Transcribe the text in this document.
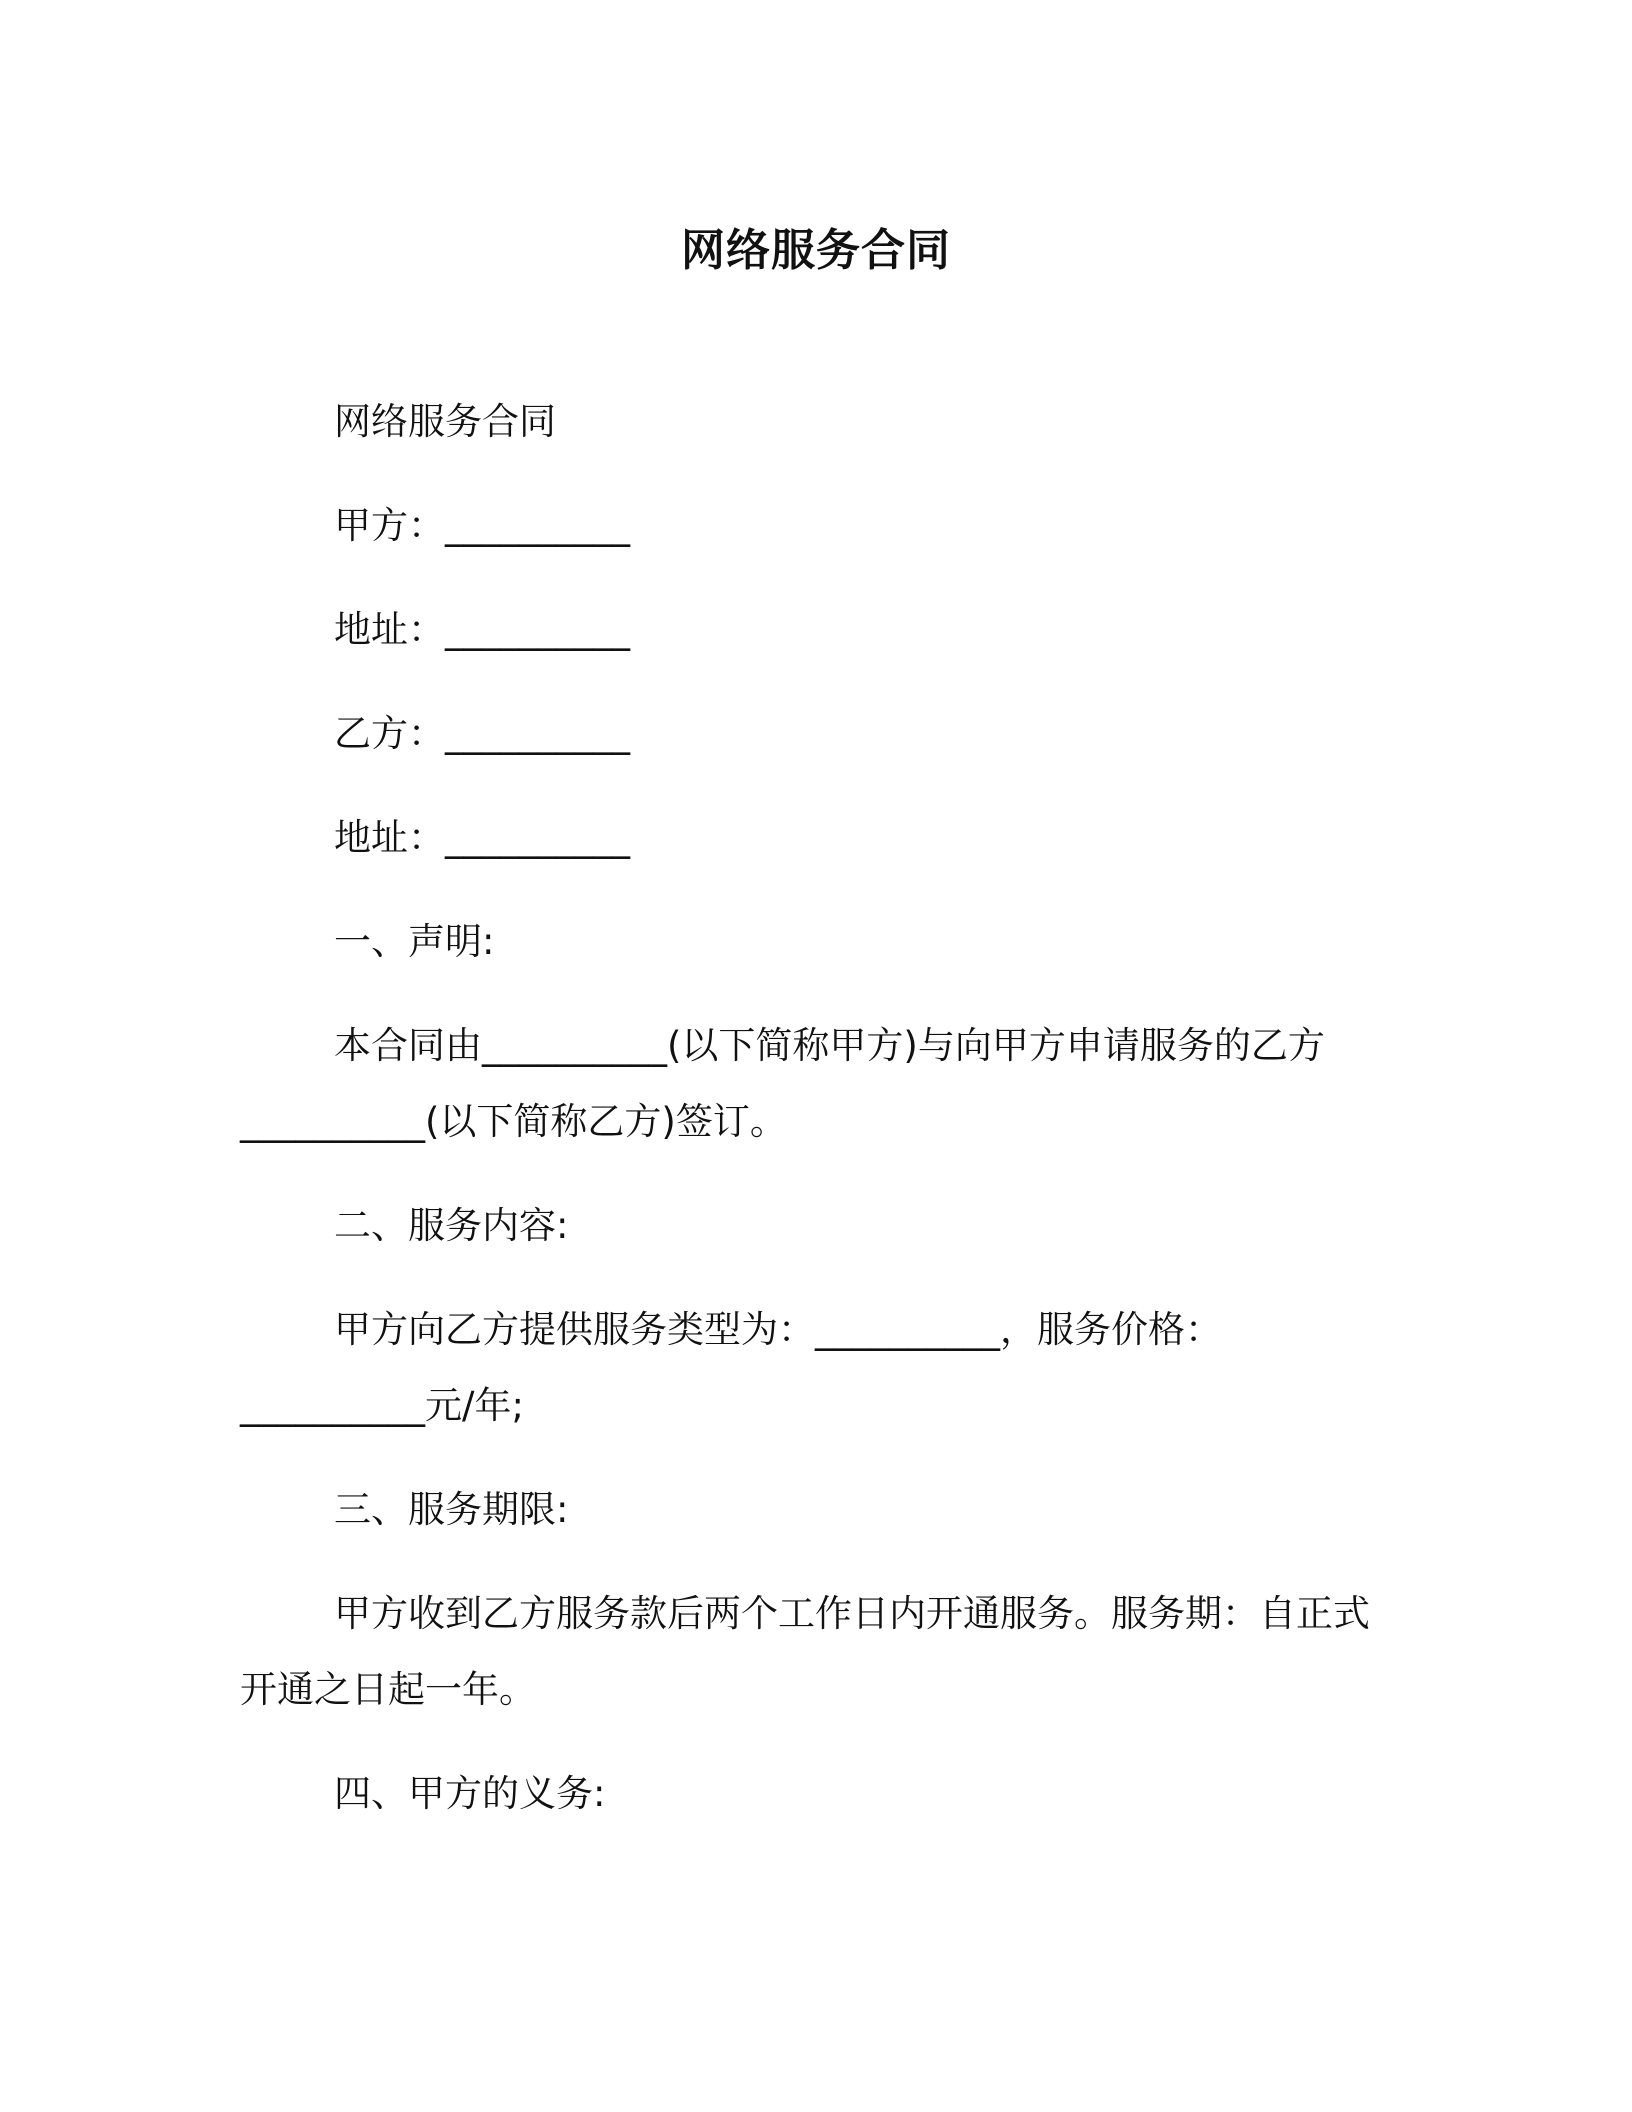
网络服务合同
网络服务合同
甲方：__________
地址：__________
乙方：__________
地址：__________
一、声明:
本合同由__________(以下简称甲方)与向甲方申请服务的乙方
__________(以下简称乙方)签订。
二、服务内容:
甲方向乙方提供服务类型为：__________，服务价格：
__________元/年;
三、服务期限:
甲方收到乙方服务款后两个工作日内开通服务。服务期：自正式
开通之日起一年。
四、甲方的义务:
